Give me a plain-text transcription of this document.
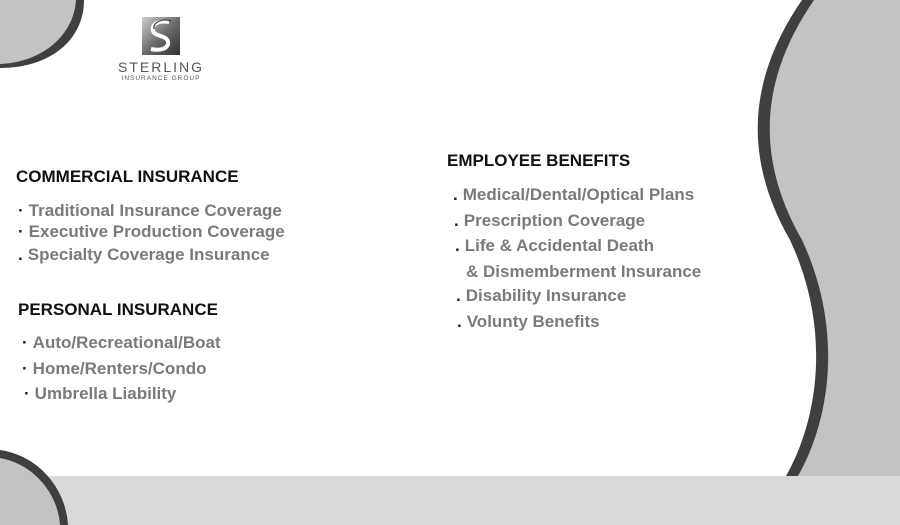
STERLING
INSURANCE GROUP
COMMERCIAL INSURANCE
· Traditional Insurance Coverage
· Executive Production Coverage
. Specialty Coverage Insurance
PERSONAL INSURANCE
· Auto/Recreational/Boat
· Home/Renters/Condo
· Umbrella Liability
EMPLOYEE BENEFITS
. Medical/Dental/Optical Plans
. Prescription Coverage
. Life & Accidental Death
& Dismemberment Insurance
. Disability Insurance
. Volunty Benefits
